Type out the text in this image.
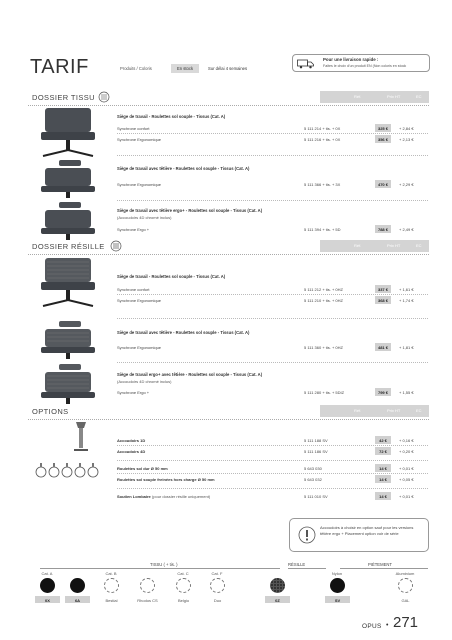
TARIF	Produits / Coloris	En stock	Sur délai 4 semaines
Pour une livraison rapide :
Faites le choix d'un produit EN (Non coloris en stock
DOSSIER TISSU	Réf.	Prix HT	EC
Siège de travail - Roulettes sol souple - Tissus (Cat. A)
Synchrone confort	5 111 214 + tis. + 0X	325 €	+ 2,84 €
Synchrone Ergonomique	5 111 216 + tis. + 0X	356 €	+ 2,13 €
Siège de travail avec têtière - Roulettes sol souple - Tissus (Cat. A)
Synchrone Ergonomique	5 111 366 + tis. + 3X	470 €	+ 2,29 €
Siège de travail avec têtière ergo+ - Roulettes sol souple - Tissus (Cat. A)
(Accoudoirs 4D chromé inclus)
Synchrone Ergo +	5 111 394 + tis. + 5D	788 €	+ 2,49 €
DOSSIER RÉSILLE	Réf.	Prix HT	EC
Siège de travail - Roulettes sol souple - Tissus (Cat. A)
Synchrone confort	5 111 212 + tis. + 0HZ	337 €	+ 1,61 €
Synchrone Ergonomique	5 111 210 + tis. + 0HZ	368 €	+ 1,74 €
Siège de travail avec têtière - Roulettes sol souple - Tissus (Cat. A)
Synchrone Ergonomique	5 111 360 + tis. + 0HZ	481 €	+ 1,81 €
Siège de travail ergo+ avec têtière - Roulettes sol souple - Tissus (Cat. A)
(Accoudoirs 4D chromé inclus)
Synchrone Ergo +	5 111 280 + tis. + 5DIZ	799 €	+ 1,55 €
OPTIONS	Réf.	Prix HT	EC
Accoudoirs 1D	5 111 188 SV	42 €	+ 0,16 €
Accoudoirs 4D	5 111 186 SV	72 €	+ 0,20 €
Roulettes sol dur Ø 50 mm	5 643 030	14 €	+ 0,01 €
Roulettes sol souple freinées hors charge Ø 50 mm	5 643 032	14 €	+ 0,05 €
Soutien Lombaire (pour dossier résille uniquement)	5 111 010 SV	14 €	+ 0,01 €
Accoudoirs à choisir en option sauf pour les versions têtière ergo + Placement option voir de série
TISSU ( + tis. )	RÉSILLE	PIÉTEMENT
Cat. A
0X	6A
Cat. B
Bestial	Rhodos CS
Cat. C
Belgio
Cat. F
Duo	0Z
Nylon
SV
Aluminium
GAL
OPUS • 271
